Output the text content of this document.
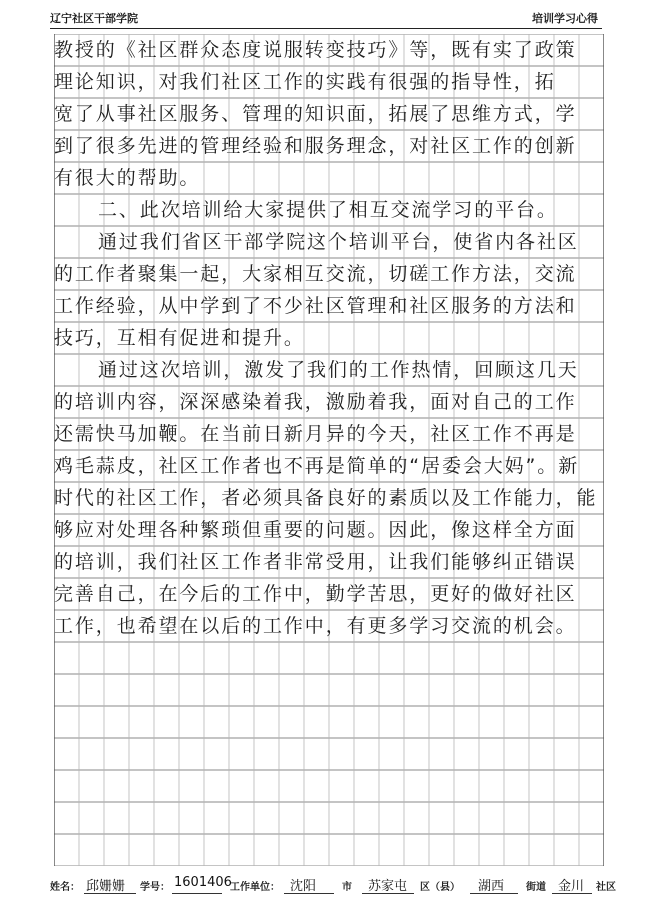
辽宁社区干部学院	培训学习心得
教授的《社区群众态度说服转变技巧》等，既有实了政策
理论知识，对我们社区工作的实践有很强的指导性，拓
宽了从事社区服务、管理的知识面，拓展了思维方式，学
到了很多先进的管理经验和服务理念，对社区工作的创新
有很大的帮助。
二、此次培训给大家提供了相互交流学习的平台。
通过我们省区干部学院这个培训平台，使省内各社区
的工作者聚集一起，大家相互交流，切磋工作方法，交流
工作经验，从中学到了不少社区管理和社区服务的方法和
技巧，互相有促进和提升。
通过这次培训，激发了我们的工作热情，回顾这几天
的培训内容，深深感染着我，激励着我，面对自己的工作
还需快马加鞭。在当前日新月异的今天，社区工作不再是
鸡毛蒜皮，社区工作者也不再是简单的“居委会大妈”。新
时代的社区工作，者必须具备良好的素质以及工作能力，能
够应对处理各种繁琐但重要的问题。因此，像这样全方面
的培训，我们社区工作者非常受用，让我们能够纠正错误
完善自己，在今后的工作中，勤学苦思，更好的做好社区
工作，也希望在以后的工作中，有更多学习交流的机会。
姓名： 邱姗姗 学号： 1601406
工作单位： 沈阳	市 苏家屯 区（县） 湖西 街道 金川 社区
